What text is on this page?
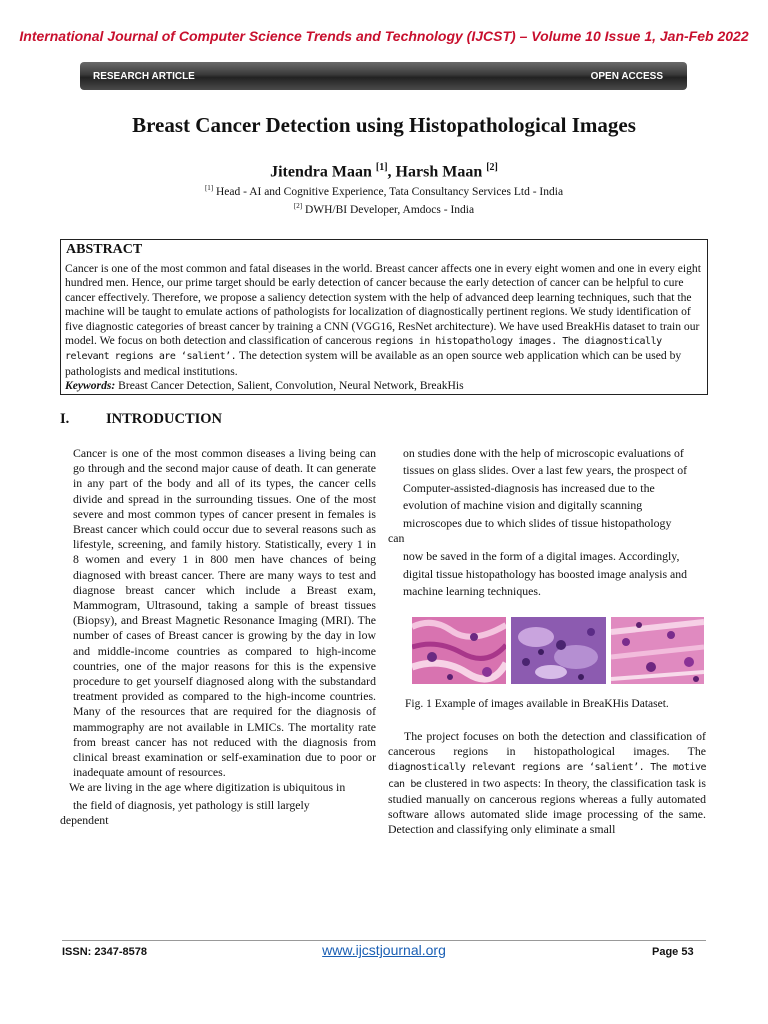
International Journal of Computer Science Trends and Technology (IJCST) – Volume 10 Issue 1, Jan-Feb 2022
RESEARCH ARTICLE	OPEN ACCESS
Breast Cancer Detection using Histopathological Images
Jitendra Maan [1], Harsh Maan [2]
[1] Head - AI and Cognitive Experience, Tata Consultancy Services Ltd - India
[2] DWH/BI Developer, Amdocs - India
ABSTRACT
Cancer is one of the most common and fatal diseases in the world. Breast cancer affects one in every eight women and one in every eight hundred men. Hence, our prime target should be early detection of cancer because the early detection of cancer can be helpful to cure cancer effectively. Therefore, we propose a saliency detection system with the help of advanced deep learning techniques, such that the machine will be taught to emulate actions of pathologists for localization of diagnostically pertinent regions. We study identification of five diagnostic categories of breast cancer by training a CNN (VGG16, ResNet architecture). We have used BreakHis dataset to train our model. We focus on both detection and classification of cancerous regions in histopathology images. The diagnostically relevant regions are ‘salient’. The detection system will be available as an open source web application which can be used by pathologists and medical institutions.
Keywords: Breast Cancer Detection, Salient, Convolution, Neural Network, BreakHis
I.	INTRODUCTION

Cancer is one of the most common diseases a living being can go through and the second major cause of death. It can generate in any part of the body and all of its types, the cancer cells divide and spread in the surrounding tissues. One of the most severe and most common types of cancer present in females is Breast cancer which could occur due to several reasons such as lifestyle, screening, and family history. Statistically, every 1 in 8 women and every 1 in 800 men have chances of being diagnosed with breast cancer. There are many ways to test and diagnose breast cancer which include a Breast exam, Mammogram, Ultrasound, taking a sample of breast tissues (Biopsy), and Breast Magnetic Resonance Imaging (MRI). The number of cases of Breast cancer is growing by the day in low and middle-income countries as compared to high-income countries, one of the major reasons for this is the expensive procedure to get yourself diagnosed along with the substandard treatment provided as compared to the high-income countries. Many of the resources that are required for the diagnosis of mammography are not available in LMICs. The mortality rate from breast cancer has not reduced with the diagnosis from clinical breast examination or self-examination due to poor or inadequate amount of resources.

We are living in the age where digitization is ubiquitous in
the field of diagnosis, yet pathology is still largely
dependent
on studies done with the help of microscopic evaluations of
tissues on glass slides. Over a last few years, the prospect of
Computer-assisted-diagnosis has increased due to the
evolution of machine vision and digitally scanning
microscopes due to which slides of tissue histopathology
can
now be saved in the form of a digital images. Accordingly,
digital tissue histopathology has boosted image analysis and
machine learning techniques.
Fig. 1 Example of images available in BreaKHis Dataset.

The project focuses on both the detection and classification of cancerous regions in histopathological images. The diagnostically relevant regions are ‘salient’. The motive can be clustered in two aspects: In theory, the classification task is studied manually on cancerous regions whereas a fully automated software allows automated slide image processing of the same. Detection and classifying only eliminate a small

ISSN: 2347-8578	www.ijcstjournal.org	Page 53
